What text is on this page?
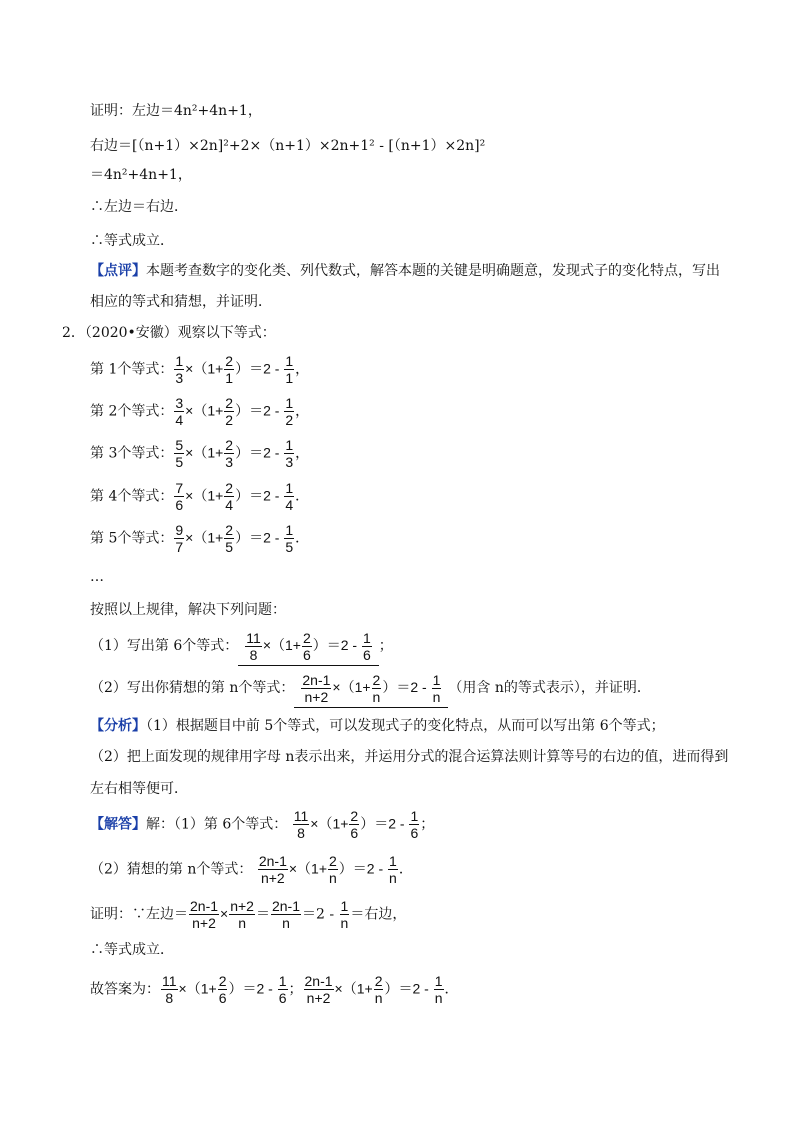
证明：左边＝4n²+4n+1，
右边＝[（n+1）×2n]²+2×（n+1）×2n+1² - [（n+1）×2n]²
＝4n²+4n+1，
∴左边＝右边．
∴等式成立．
【点评】本题考查数字的变化类、列代数式，解答本题的关键是明确题意，发现式子的变化特点，写出
相应的等式和猜想，并证明．
2．（2020•安徽）观察以下等式：
第 1个等式： $\frac{1}{3} \times(1+ \frac{2}{1} )=2 - \frac{1}{1}$ ，
第 2个等式： $\frac{3}{4} \times(1+ \frac{2}{2} )=2 - \frac{1}{2}$ ，
第 3个等式： $\frac{5}{5} \times(1+ \frac{2}{3} )=2 - \frac{1}{3}$ ，
第 4个等式： $\frac{7}{6} \times(1+ \frac{2}{4} )=2 - \frac{1}{4}$ ．
第 5个等式： $\frac{9}{7} \times(1+ \frac{2}{5} )=2 - \frac{1}{5}$ ．
…
按照以上规律，解决下列问题：
（1）写出第 6个等式： $\frac{11}{8} \times(1+ \frac{2}{6} )=2 - \frac{1}{6}$ ；
（2）写出你猜想的第 n个等式： $\frac{2n-1}{n+2} \times(1+ \frac{2}{n} )=2 - \frac{1}{n}$ （用含 n的等式表示），并证明．
【分析】（1）根据题目中前 5个等式，可以发现式子的变化特点，从而可以写出第 6个等式；
（2）把上面发现的规律用字母 n表示出来，并运用分式的混合运算法则计算等号的右边的值，进而得到
左右相等便可．
【解答】解：（1）第 6个等式： $\frac{11}{8} \times(1+ \frac{2}{6} )=2 - \frac{1}{6}$ ；
（2）猜想的第 n个等式： $\frac{2n-1}{n+2} \times(1+ \frac{2}{n} )=2 - \frac{1}{n}$ ．
证明：∵左边＝ $\frac{2n-1}{n+2} \times \frac{n+2}{n} = \frac{2n-1}{n} =2 - \frac{1}{n}$ ＝右边，
∴等式成立．
故答案为： $\frac{11}{8} \times(1+ \frac{2}{6} )=2 - \frac{1}{6}$ ； $\frac{2n-1}{n+2} \times(1+ \frac{2}{n} )=2 - \frac{1}{n}$ ．
